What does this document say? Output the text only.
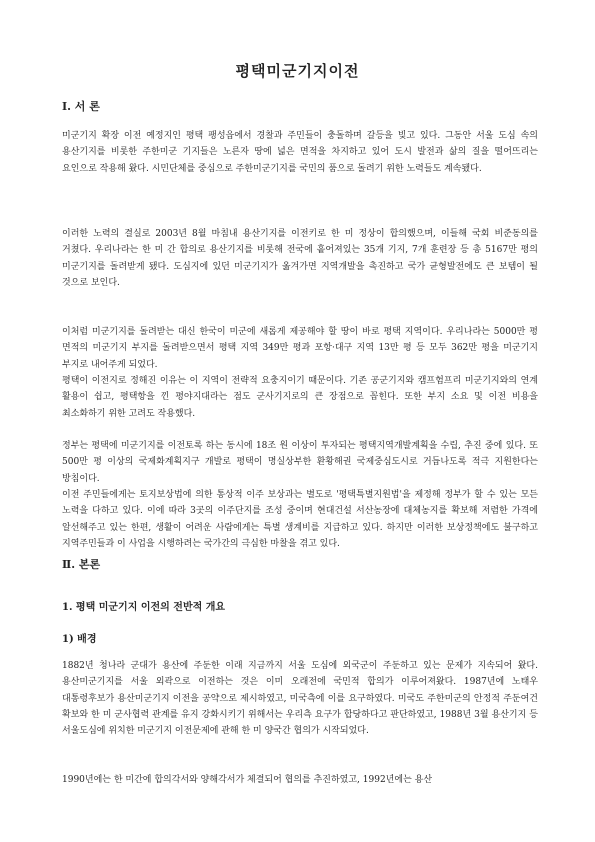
평택미군기지이전
Ⅰ. 서 론
미군기지 확장 이전 예정지인 평택 팽성읍에서 경찰과 주민들이 충돌하며 갈등을 빚고 있다. 그동안 서울 도심 속의 용산기지를 비롯한 주한미군 기지들은 노른자 땅에 넓은 면적을 차지하고 있어 도시 발전과 삶의 질을 떨어뜨리는 요인으로 작용해 왔다. 시민단체를 중심으로 주한미군기지를 국민의 품으로 돌려기 위한 노력들도 계속됐다.
이러한 노력의 결실로 2003년 8월 마침내 용산기지를 이전키로 한 미 정상이 합의했으며, 이들해 국회 비준동의를 거쳤다. 우리나라는 한 미 간 합의로 용산기지를 비롯해 전국에 흩어져있는 35개 기지, 7개 훈련장 등 총 5167만 평의 미군기지를 돌려받게 됐다. 도심지에 있던 미군기지가 옮겨가면 지역개발을 촉진하고 국가 균형발전에도 큰 보템이 될 것으로 보인다.
이처럼 미군기지를 돌려받는 대신 한국이 미군에 새롭게 제공해야 할 땅이 바로 평택 지역이다. 우리나라는 5000만 평 면적의 미군기지 부지를 돌려받으면서 평택 지역 349만 평과 포항·대구 지역 13만 평 등 모두 362만 평을 미군기지 부지로 내어주게 되었다.
평택이 이전지로 정해진 이유는 이 지역이 전략적 요충지이기 때문이다. 기존 공군기지와 캠프험프리 미군기지와의 연계 활용이 쉽고, 평택항을 낀 평야지대라는 점도 군사기지로의 큰 장점으로 꼽힌다. 또한 부지 소요 및 이전 비용을 최소화하기 위한 고려도 작용했다.
정부는 평택에 미군기지를 이전토록 하는 동시에 18조 원 이상이 투자되는 평택지역개발계획을 수립, 추진 중에 있다. 또 500만 평 이상의 국제화계획지구 개발로 평택이 명실상부한 환황해권 국제중심도시로 거듭나도록 적극 지원한다는 방침이다.
이전 주민들에게는 토지보상법에 의한 통상적 이주 보상과는 별도로 '평택특별지원법'을 제정해 정부가 할 수 있는 모든 노력을 다하고 있다. 이에 따라 3곳의 이주단지를 조성 중이며 현대건설 서산농장에 대체농지를 확보해 저렴한 가격에 알선해주고 있는 한편, 생활이 어려운 사람에게는 특별 생계비를 지급하고 있다. 하지만 이러한 보상정책에도 불구하고 지역주민들과 이 사업을 시행하려는 국가간의 극심한 마찰을 겪고 있다.
Ⅱ. 본론
1. 평택 미군기지 이전의 전반적 개요
1) 배경
1882년 청나라 군대가 용산에 주둔한 이래 지금까지 서울 도심에 외국군이 주둔하고 있는 문제가 지속되어 왔다. 용산미군기지를 서울 외곽으로 이전하는 것은 이미 오래전에 국민적 합의가 이루어져왔다. 1987년에 노태우 대통령후보가 용산미군기지 이전을 공약으로 제시하였고, 미국측에 이를 요구하였다. 미국도 주한미군의 안정적 주둔여건 확보와 한 미 군사협력 관계를 유지 강화시키기 위해서는 우리측 요구가 합당하다고 판단하였고, 1988년 3월 용산기지 등 서울도심에 위치한 미군기지 이전문제에 관해 한 미 양국간 협의가 시작되었다.
1990년에는 한 미간에 합의각서와 양해각서가 체결되어 협의를 추진하였고, 1992년에는 용산
